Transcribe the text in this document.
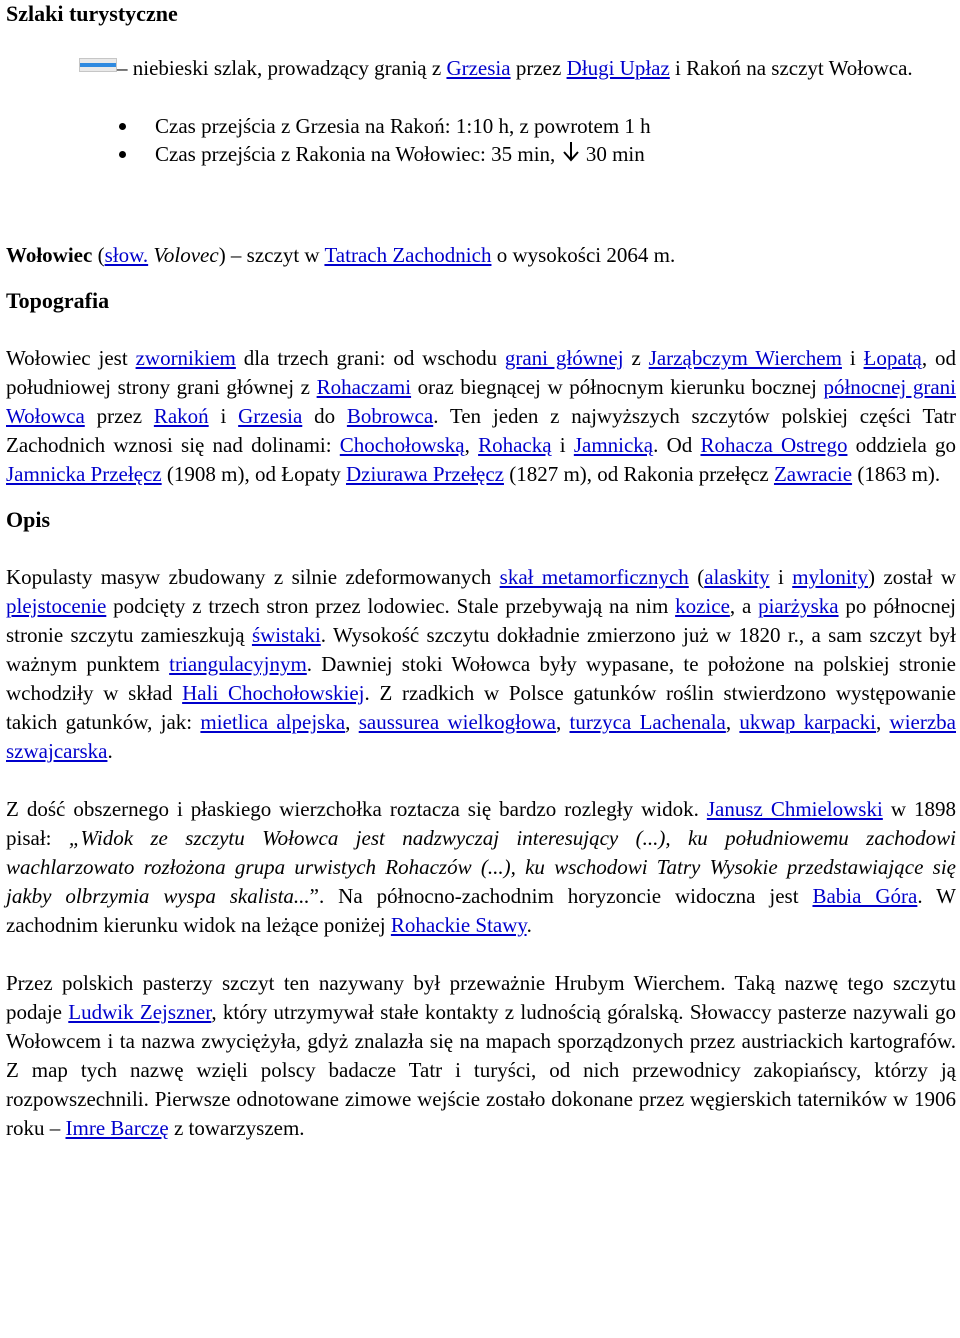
Szlaki turystyczne

– niebieski szlak, prowadzący granią z Grzesia przez Długi Upłaz i Rakoń na szczyt Wołowca.

Czas przejścia z Grzesia na Rakoń: 1:10 h, z powrotem 1 h
Czas przejścia z Rakonia na Wołowiec: 35 min,  30 min

Wołowiec (słow. Volovec) – szczyt w Tatrach Zachodnich o wysokości 2064 m.

Topografia

Wołowiec jest zwornikiem dla trzech grani: od wschodu grani głównej z Jarząbczym Wierchem i Łopatą, od południowej strony grani głównej z Rohaczami oraz biegnącej w północnym kierunku bocznej północnej grani Wołowca przez Rakoń i Grzesia do Bobrowca. Ten jeden z najwyższych szczytów polskiej części Tatr Zachodnich wznosi się nad dolinami: Chochołowską, Rohacką i Jamnicką. Od Rohacza Ostrego oddziela go Jamnicka Przełęcz (1908 m), od Łopaty Dziurawa Przełęcz (1827 m), od Rakonia przełęcz Zawracie (1863 m).

Opis

Kopulasty masyw zbudowany z silnie zdeformowanych skał metamorficznych (alaskity i mylonity) został w plejstocenie podcięty z trzech stron przez lodowiec. Stale przebywają na nim kozice, a piarżyska po północnej stronie szczytu zamieszkują świstaki. Wysokość szczytu dokładnie zmierzono już w 1820 r., a sam szczyt był ważnym punktem triangulacyjnym. Dawniej stoki Wołowca były wypasane, te położone na polskiej stronie wchodziły w skład Hali Chochołowskiej. Z rzadkich w Polsce gatunków roślin stwierdzono występowanie takich gatunków, jak: mietlica alpejska, saussurea wielkogłowa, turzyca Lachenala, ukwap karpacki, wierzba szwajcarska.

Z dość obszernego i płaskiego wierzchołka roztacza się bardzo rozległy widok. Janusz Chmielowski w 1898 pisał: „Widok ze szczytu Wołowca jest nadzwyczaj interesujący (...), ku południowemu zachodowi wachlarzowato rozłożona grupa urwistych Rohaczów (...), ku wschodowi Tatry Wysokie przedstawiające się jakby olbrzymia wyspa skalista...”. Na północno-zachodnim horyzoncie widoczna jest Babia Góra. W zachodnim kierunku widok na leżące poniżej Rohackie Stawy.

Przez polskich pasterzy szczyt ten nazywany był przeważnie Hrubym Wierchem. Taką nazwę tego szczytu podaje Ludwik Zejszner, który utrzymywał stałe kontakty z ludnością góralską. Słowaccy pasterze nazywali go Wołowcem i ta nazwa zwyciężyła, gdyż znalazła się na mapach sporządzonych przez austriackich kartografów. Z map tych nazwę wzięli polscy badacze Tatr i turyści, od nich przewodnicy zakopiańscy, którzy ją rozpowszechnili. Pierwsze odnotowane zimowe wejście zostało dokonane przez węgierskich taterników w 1906 roku – Imre Barczę z towarzyszem.
